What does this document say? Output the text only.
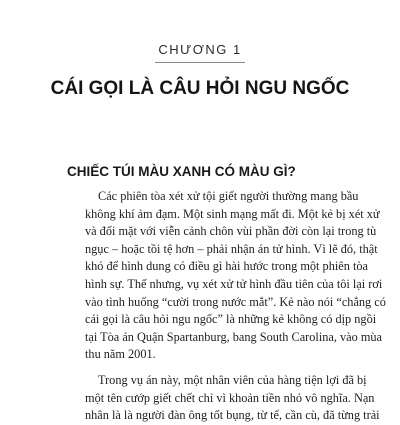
CHƯƠNG 1
CÁI GỌI LÀ CÂU HỎI NGU NGỐC
CHIẾC TÚI MÀU XANH CÓ MÀU GÌ?
Các phiên tòa xét xử tội giết người thường mang bầu
không khí ảm đạm. Một sinh mạng mất đi. Một kẻ bị xét xử
và đối mặt với viễn cảnh chôn vùi phần đời còn lại trong tù
ngục – hoặc tồi tệ hơn – phải nhận án tử hình. Vì lẽ đó, thật
khó để hình dung có điều gì hài hước trong một phiên tòa
hình sự. Thế nhưng, vụ xét xử tử hình đầu tiên của tôi lại rơi
vào tình huống “cười trong nước mắt”. Kẻ nào nói “chẳng có
cái gọi là câu hỏi ngu ngốc” là những kẻ không có dịp ngồi
tại Tòa án Quận Spartanburg, bang South Carolina, vào mùa
thu năm 2001.
Trong vụ án này, một nhân viên của hàng tiện lợi đã bị
một tên cướp giết chết chỉ vì khoản tiền nhỏ vô nghĩa. Nạn
nhân là là người đàn ông tốt bụng, từ tế, cần cù, đã từng trải
